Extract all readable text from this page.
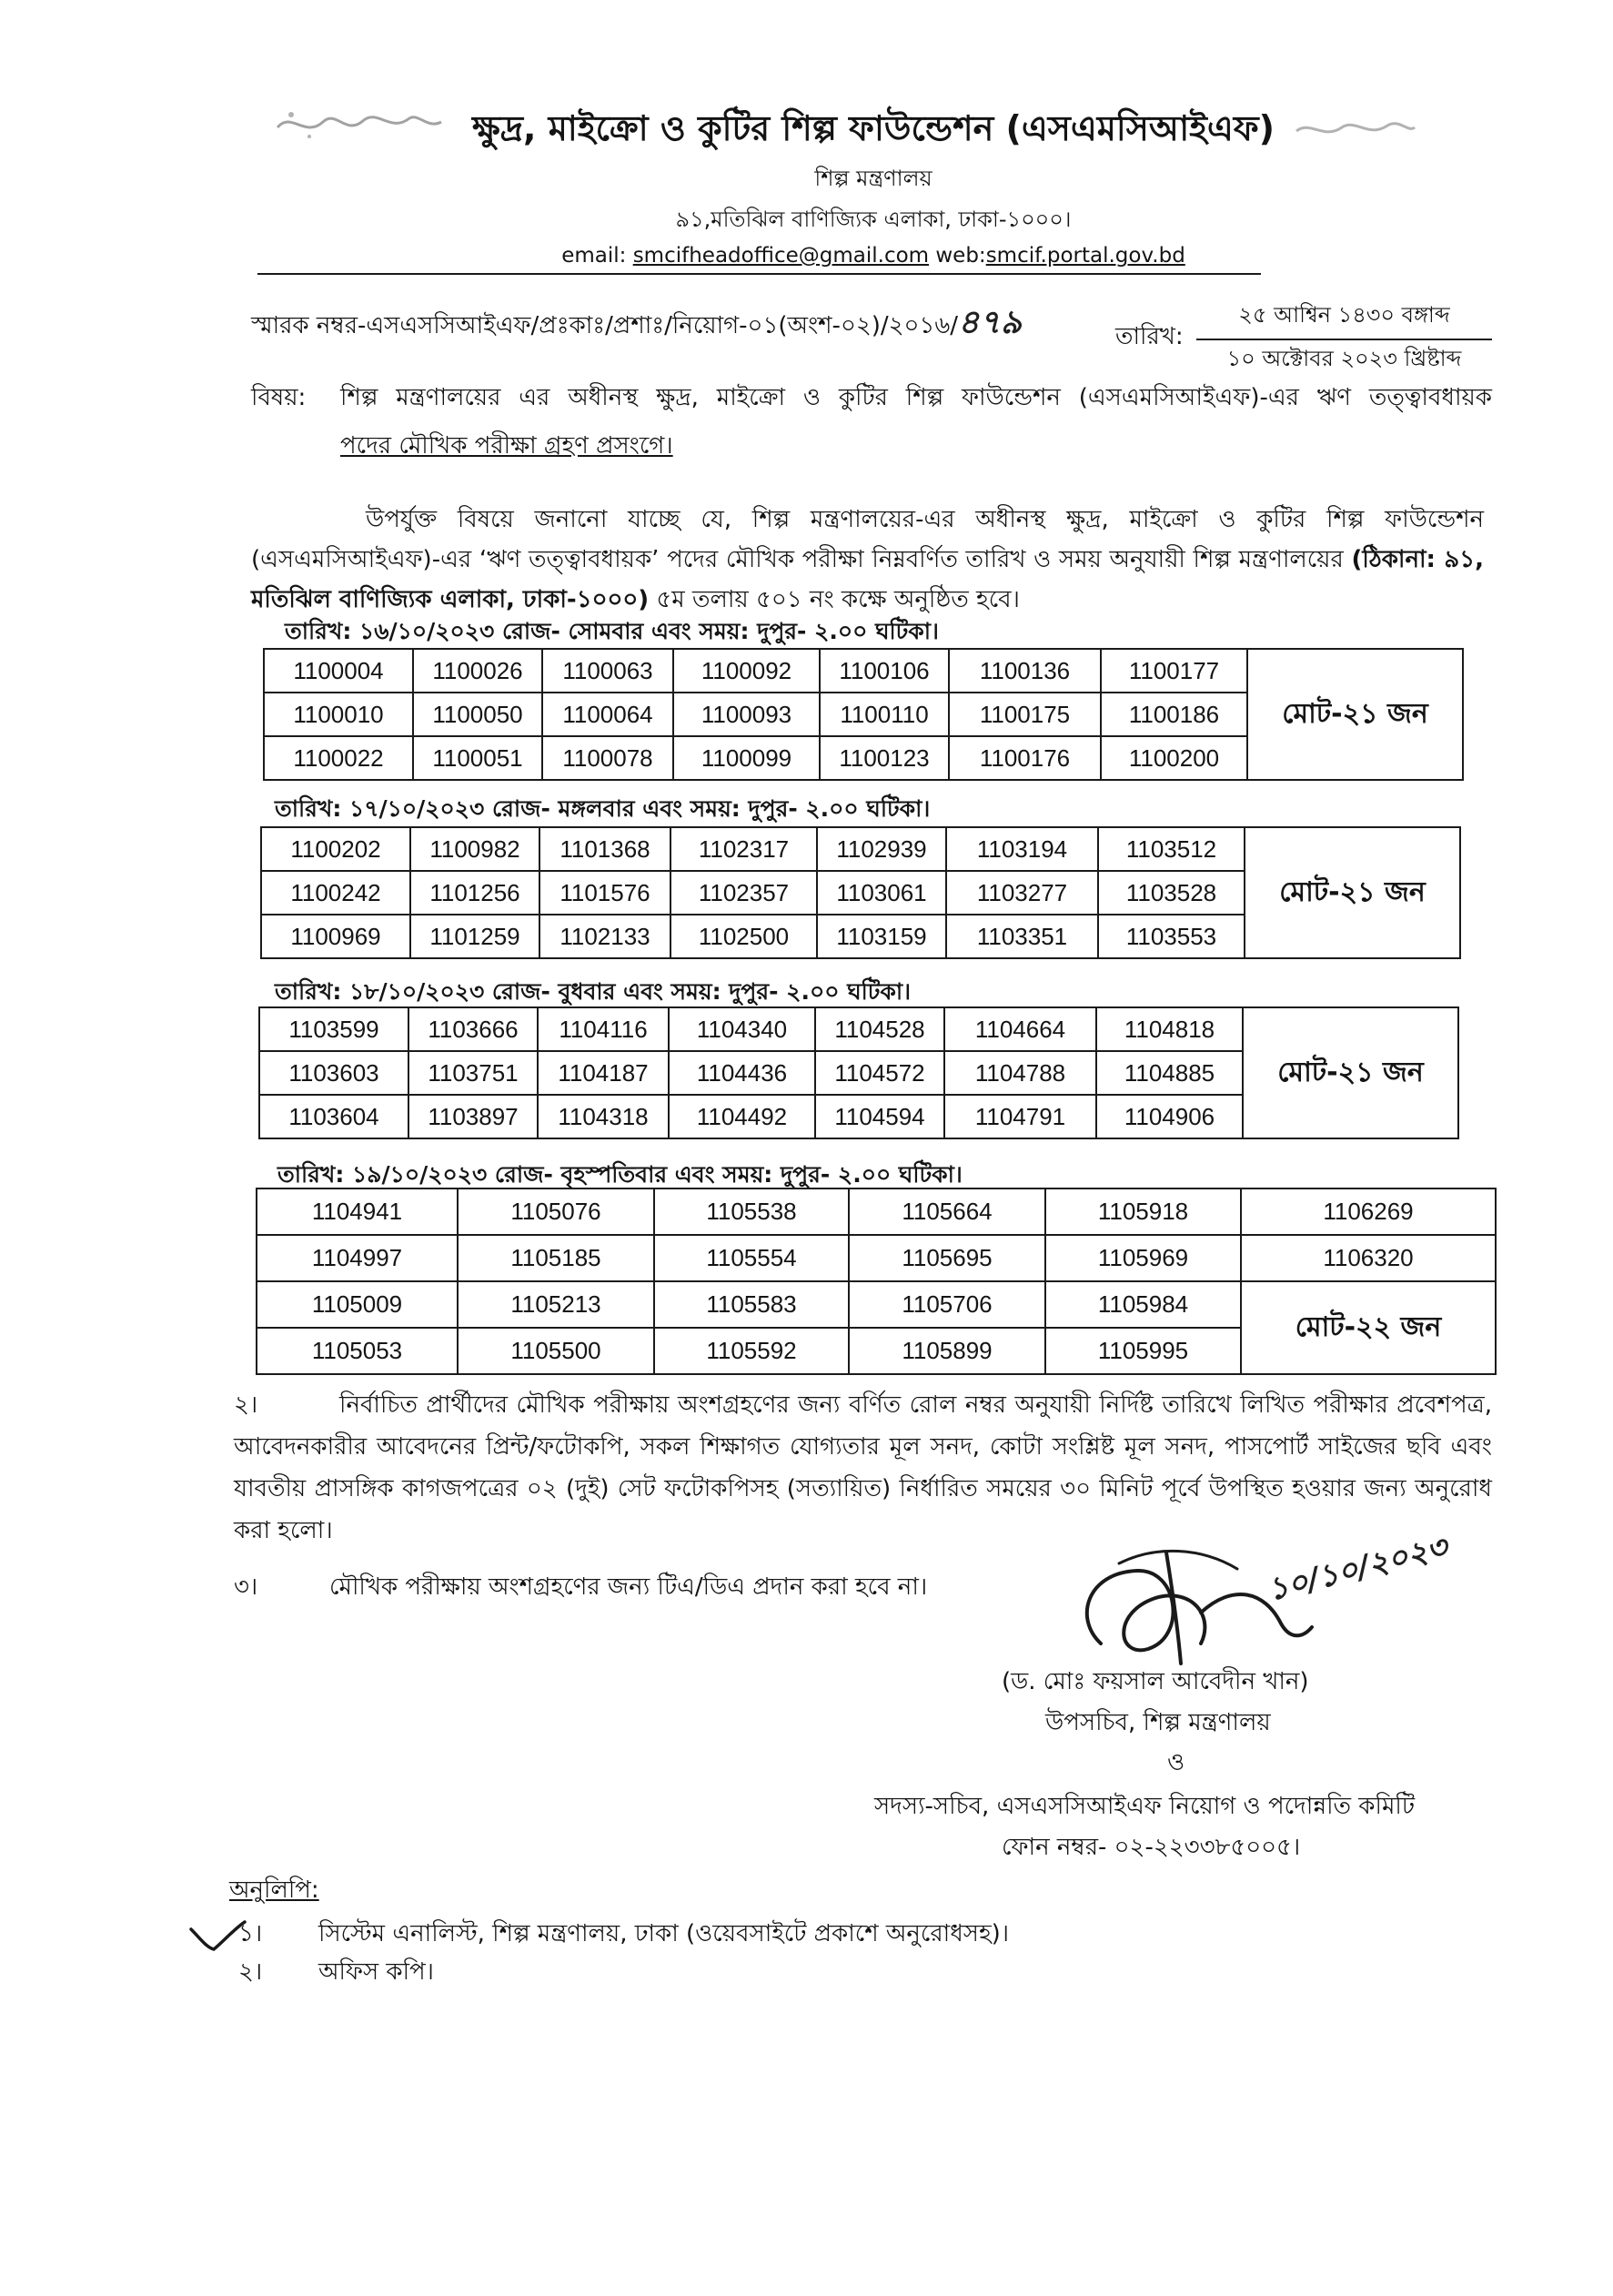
ক্ষুদ্র, মাইক্রো ও কুটির শিল্প ফাউন্ডেশন (এসএমসিআইএফ)
শিল্প মন্ত্রণালয়
৯১,মতিঝিল বাণিজ্যিক এলাকা, ঢাকা-১০০০।
email: smcifheadoffice@gmail.com web:smcif.portal.gov.bd
স্মারক নম্বর-এসএসসিআইএফ/প্রঃকাঃ/প্রশাঃ/নিয়োগ-০১(অংশ-০২)/২০১৬/৪৭৯	তারিখ:
২৫ আশ্বিন ১৪৩০ বঙ্গাব্দ
১০ অক্টোবর ২০২৩ খ্রিষ্টাব্দ
বিষয়: শিল্প মন্ত্রণালয়ের এর অধীনস্থ ক্ষুদ্র, মাইক্রো ও কুটির শিল্প ফাউন্ডেশন (এসএমসিআইএফ)-এর ঋণ তত্ত্বাবধায়ক
পদের মৌখিক পরীক্ষা গ্রহণ প্রসংগে।
উপর্যুক্ত বিষয়ে জনানো যাচ্ছে যে, শিল্প মন্ত্রণালয়ের-এর অধীনস্থ ক্ষুদ্র, মাইক্রো ও কুটির শিল্প ফাউন্ডেশন (এসএমসিআইএফ)-এর ‘ঋণ তত্ত্বাবধায়ক’ পদের মৌখিক পরীক্ষা নিম্নবর্ণিত তারিখ ও সময় অনুযায়ী শিল্প মন্ত্রণালয়ের (ঠিকানা: ৯১, মতিঝিল বাণিজ্যিক এলাকা, ঢাকা-১০০০) ৫ম তলায় ৫০১ নং কক্ষে অনুষ্ঠিত হবে।
তারিখ: ১৬/১০/২০২৩ রোজ- সোমবার এবং সময়: দুপুর- ২.০০ ঘটিকা।
1100004	1100026	1100063	1100092	1100106	1100136	1100177	মোট-২১ জন
1100010	1100050	1100064	1100093	1100110	1100175	1100186	
1100022	1100051	1100078	1100099	1100123	1100176	1100200	
তারিখ: ১৭/১০/২০২৩ রোজ- মঙ্গলবার এবং সময়: দুপুর- ২.০০ ঘটিকা।
1100202	1100982	1101368	1102317	1102939	1103194	1103512	মোট-২১ জন
1100242	1101256	1101576	1102357	1103061	1103277	1103528	
1100969	1101259	1102133	1102500	1103159	1103351	1103553	
তারিখ: ১৮/১০/২০২৩ রোজ- বুধবার এবং সময়: দুপুর- ২.০০ ঘটিকা।
1103599	1103666	1104116	1104340	1104528	1104664	1104818	মোট-২১ জন
1103603	1103751	1104187	1104436	1104572	1104788	1104885	
1103604	1103897	1104318	1104492	1104594	1104791	1104906	
তারিখ: ১৯/১০/২০২৩ রোজ- বৃহস্পতিবার এবং সময়: দুপুর- ২.০০ ঘটিকা।
1104941	1105076	1105538	1105664	1105918	1106269
1104997	1105185	1105554	1105695	1105969	1106320
1105009	1105213	1105583	1105706	1105984	মোট-২২ জন
1105053	1105500	1105592	1105899	1105995	
২।	নির্বাচিত প্রার্থীদের মৌখিক পরীক্ষায় অংশগ্রহণের জন্য বর্ণিত রোল নম্বর অনুযায়ী নির্দিষ্ট তারিখে লিখিত পরীক্ষার প্রবেশপত্র, আবেদনকারীর আবেদনের প্রিন্ট/ফটোকপি, সকল শিক্ষাগত যোগ্যতার মূল সনদ, কোটা সংশ্লিষ্ট মূল সনদ, পাসপোর্ট সাইজের ছবি এবং যাবতীয় প্রাসঙ্গিক কাগজপত্রের ০২ (দুই) সেট ফটোকপিসহ (সত্যায়িত) নির্ধারিত সময়ের ৩০ মিনিট পূর্বে উপস্থিত হওয়ার জন্য অনুরোধ করা হলো।
৩।	মৌখিক পরীক্ষায় অংশগ্রহণের জন্য টিএ/ডিএ প্রদান করা হবে না।	১০/১০/২০২৩
(ড. মোঃ ফয়সাল আবেদীন খান)
উপসচিব, শিল্প মন্ত্রণালয়
ও
সদস্য-সচিব, এসএসসিআইএফ নিয়োগ ও পদোন্নতি কমিটি
ফোন নম্বর- ০২-২২৩৩৮৫০০৫।
অনুলিপি:
১। সিস্টেম এনালিস্ট, শিল্প মন্ত্রণালয়, ঢাকা (ওয়েবসাইটে প্রকাশে অনুরোধসহ)।
২। অফিস কপি।
